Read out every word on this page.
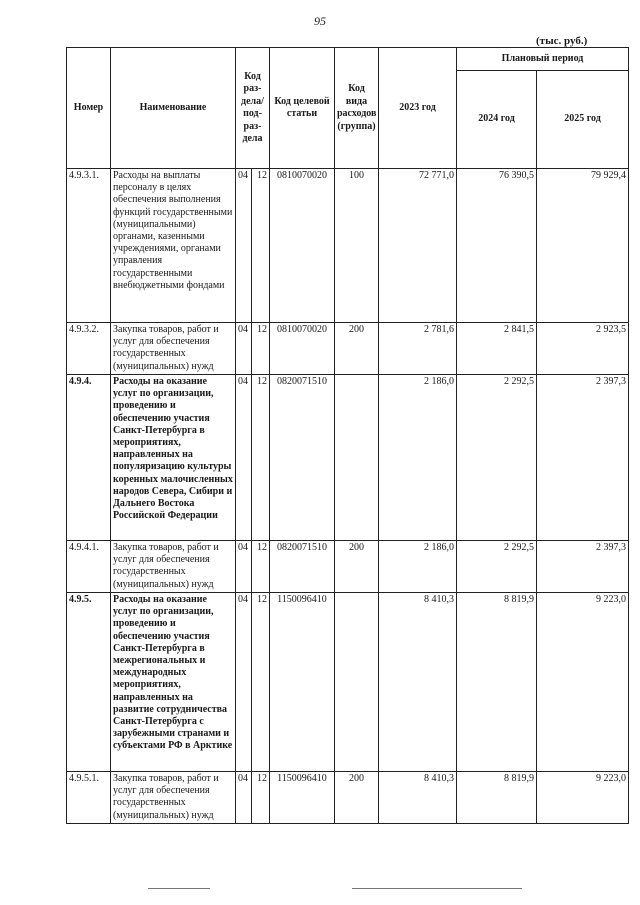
95
(тыс. руб.)
Номер	Наименование	Код раз-
дела/
под-
раз-
дела		Код целевой статьи	Код вида расходов (группа)	2023 год	Плановый период	
							2024 год	2025 год
4.9.3.1.	Расходы на выплаты персоналу в целях обеспечения выполнения функций государственными (муниципальными) органами, казенными учреждениями, органами управления государственными внебюджетными фондами	04	12	0810070020	100	72 771,0	76 390,5	79 929,4
4.9.3.2.	Закупка товаров, работ и услуг для обеспечения государственных (муниципальных) нужд	04	12	0810070020	200	2 781,6	2 841,5	2 923,5
4.9.4.	Расходы на оказание услуг по организации, проведению и обеспечению участия Санкт-Петербурга в мероприятиях, направленных на популяризацию культуры коренных малочисленных народов Севера, Сибири и Дальнего Востока Российской Федерации	04	12	0820071510		2 186,0	2 292,5	2 397,3
4.9.4.1.	Закупка товаров, работ и услуг для обеспечения государственных (муниципальных) нужд	04	12	0820071510	200	2 186,0	2 292,5	2 397,3
4.9.5.	Расходы на оказание услуг по организации, проведению и обеспечению участия Санкт-Петербурга в межрегиональных и международных мероприятиях, направленных на развитие сотрудничества Санкт-Петербурга с зарубежными странами и субъектами РФ в Арктике	04	12	1150096410		8 410,3	8 819,9	9 223,0
4.9.5.1.	Закупка товаров, работ и услуг для обеспечения государственных (муниципальных) нужд	04	12	1150096410	200	8 410,3	8 819,9	9 223,0
